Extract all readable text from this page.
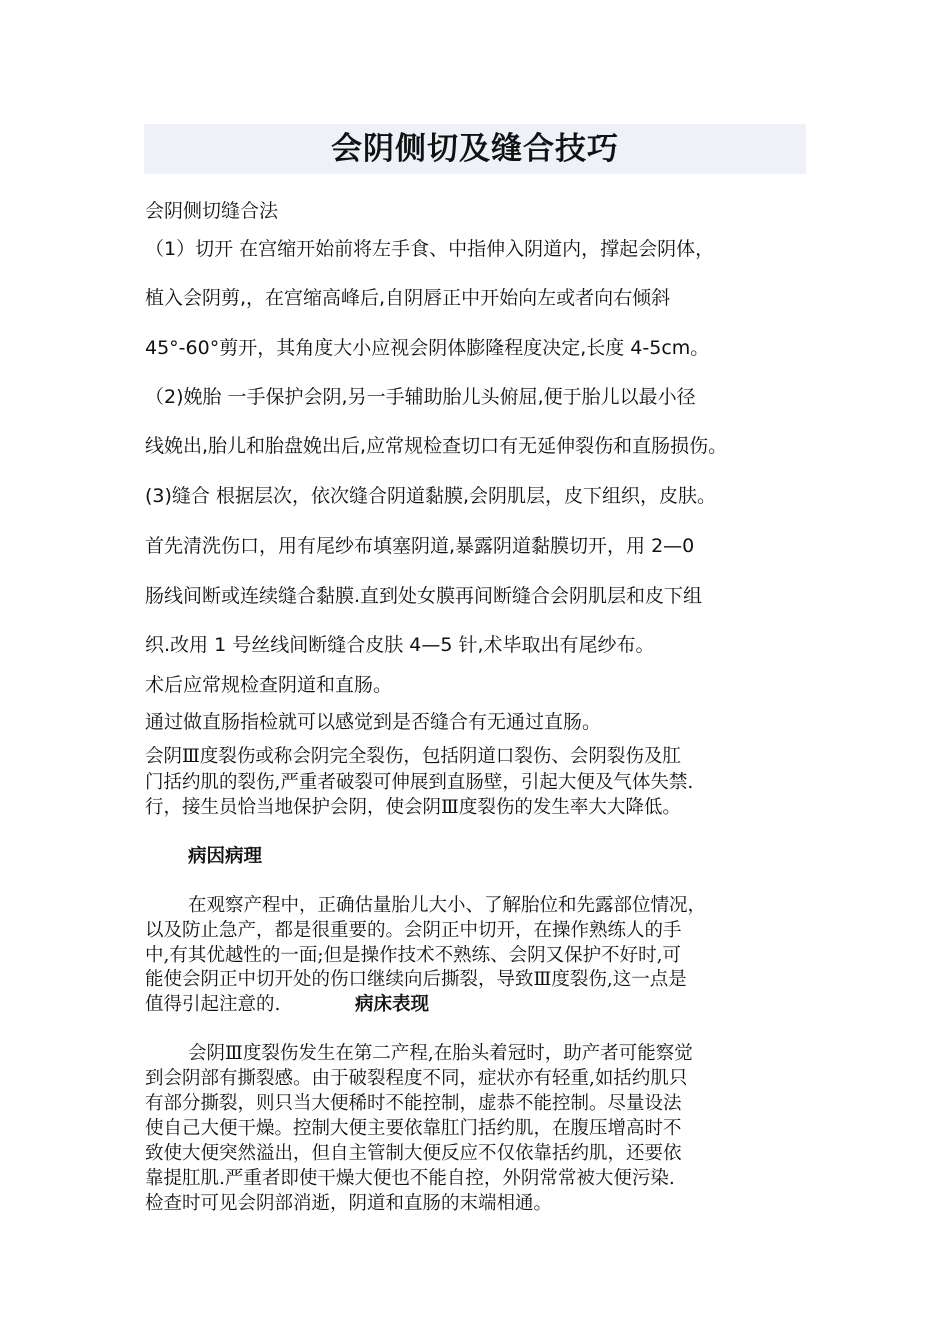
会阴侧切及缝合技巧
会阴侧切缝合法
（1）切开 在宫缩开始前将左手食、中指伸入阴道内，撑起会阴体，
植入会阴剪,，在宫缩高峰后,自阴唇正中开始向左或者向右倾斜
45°-60°剪开，其角度大小应视会阴体膨隆程度决定,长度 4-5cm。
（2)娩胎 一手保护会阴,另一手辅助胎儿头俯屈,便于胎儿以最小径
线娩出,胎儿和胎盘娩出后,应常规检查切口有无延伸裂伤和直肠损伤。
(3)缝合 根据层次，依次缝合阴道黏膜,会阴肌层，皮下组织，皮肤。
首先清洗伤口，用有尾纱布填塞阴道,暴露阴道黏膜切开，用 2—0
肠线间断或连续缝合黏膜.直到处女膜再间断缝合会阴肌层和皮下组
织.改用 1 号丝线间断缝合皮肤 4—5 针,术毕取出有尾纱布。
术后应常规检查阴道和直肠。
通过做直肠指检就可以感觉到是否缝合有无通过直肠。
会阴Ⅲ度裂伤或称会阴完全裂伤，包括阴道口裂伤、会阴裂伤及肛
门括约肌的裂伤,严重者破裂可伸展到直肠壁，引起大便及气体失禁.
行，接生员恰当地保护会阴，使会阴Ⅲ度裂伤的发生率大大降低。
病因病理
在观察产程中，正确估量胎儿大小、了解胎位和先露部位情况，
以及防止急产，都是很重要的。会阴正中切开，在操作熟练人的手
中,有其优越性的一面;但是操作技术不熟练、会阴又保护不好时,可
能使会阴正中切开处的伤口继续向后撕裂，导致Ⅲ度裂伤,这一点是
值得引起注意的.	病床表现
会阴Ⅲ度裂伤发生在第二产程,在胎头着冠时，助产者可能察觉
到会阴部有撕裂感。由于破裂程度不同，症状亦有轻重,如括约肌只
有部分撕裂，则只当大便稀时不能控制，虚恭不能控制。尽量设法
使自己大便干燥。控制大便主要依靠肛门括约肌，在腹压增高时不
致使大便突然溢出，但自主管制大便反应不仅依靠括约肌，还要依
靠提肛肌.严重者即使干燥大便也不能自控，外阴常常被大便污染.
检查时可见会阴部消逝，阴道和直肠的末端相通。
